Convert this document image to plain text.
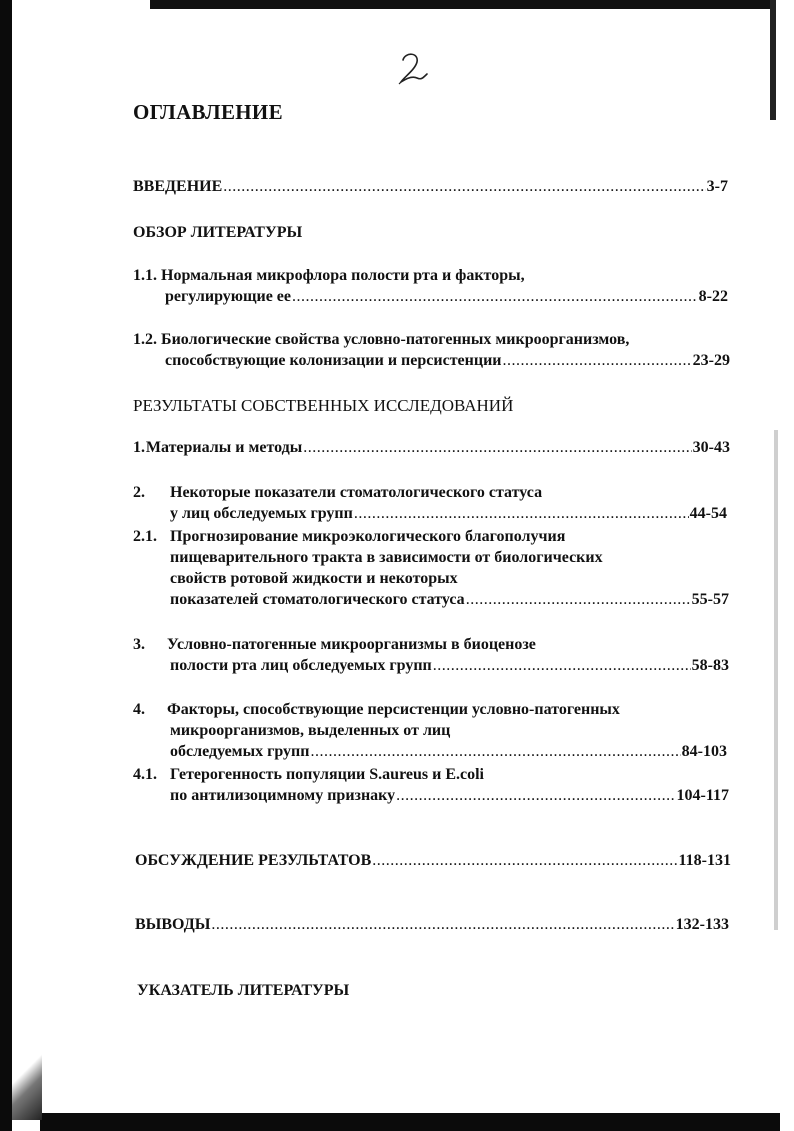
ОГЛАВЛЕНИЕ
ВВЕДЕНИЕ .....	3-7
ОБЗОР ЛИТЕРАТУРЫ
1.1. Нормальная микрофлора полости рта и факторы,
регулирующие ее .....	8-22
1.2. Биологические свойства условно-патогенных микроорганизмов,
способствующие колонизации и персистенции .....	23-29
РЕЗУЛЬТАТЫ СОБСТВЕННЫХ ИССЛЕДОВАНИЙ
1. Материалы и методы .....	30-43
2.	Некоторые показатели стоматологического статуса
у лиц обследуемых групп .....	44-54
2.1. Прогнозирование микроэкологического благополучия
пищеварительного тракта в зависимости от биологических
свойств ротовой жидкости и некоторых
показателей стоматологического статуса .....	55-57
3.	Условно-патогенные микроорганизмы в биоценозе
полости рта лиц обследуемых групп .....	58-83
4.	Факторы, способствующие персистенции условно-патогенных
микроорганизмов, выделенных от лиц
обследуемых групп .....	84-103
4.1. Гетерогенность популяции S.aureus и E.coli
по антилизоцимному признаку .....	104-117
ОБСУЖДЕНИЕ РЕЗУЛЬТАТОВ .....	118-131
ВЫВОДЫ .....	132-133
УКАЗАТЕЛЬ ЛИТЕРАТУРЫ
